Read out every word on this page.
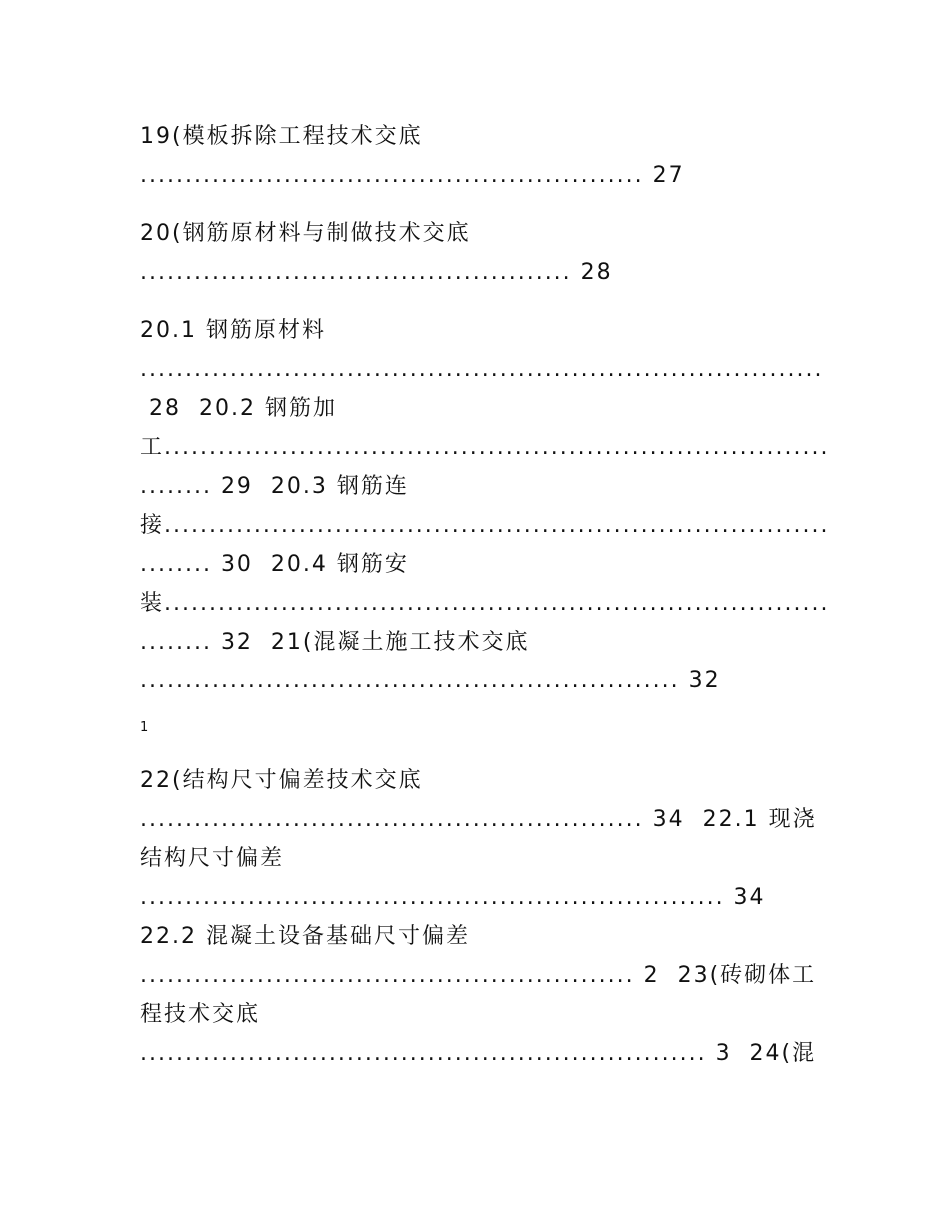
19(模板拆除工程技术交底
........................................................ 27
20(钢筋原材料与制做技术交底
................................................ 28
20.1 钢筋原材料
............................................................................
28  20.2 钢筋加
工..........................................................................
........ 29  20.3 钢筋连
接..........................................................................
........ 30  20.4 钢筋安
装..........................................................................
........ 32  21(混凝土施工技术交底
............................................................ 32
1
22(结构尺寸偏差技术交底
........................................................ 34  22.1 现浇
结构尺寸偏差
................................................................. 34
22.2 混凝土设备基础尺寸偏差
....................................................... 2  23(砖砌体工
程技术交底
............................................................... 3  24(混
